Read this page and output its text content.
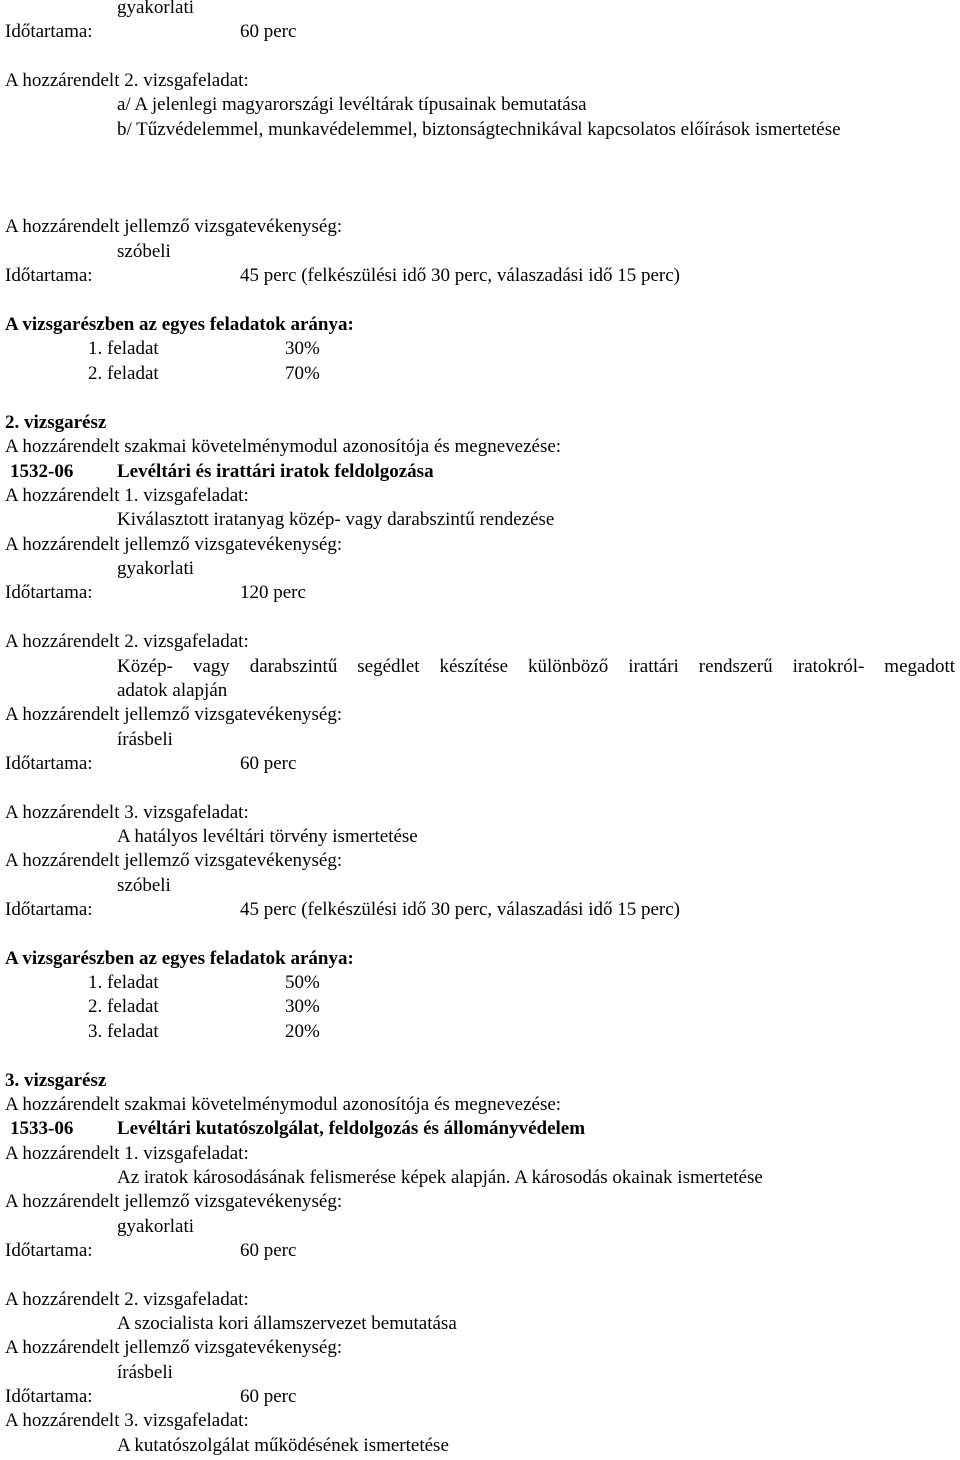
gyakorlati
Időtartama:	60 perc
A hozzárendelt 2. vizsgafeladat:
a/ A jelenlegi magyarországi levéltárak típusainak bemutatása
b/ Tűzvédelemmel, munkavédelemmel, biztonságtechnikával kapcsolatos előírások ismertetése
A hozzárendelt jellemző vizsgatevékenység:
szóbeli
Időtartama:	45 perc (felkészülési idő 30 perc, válaszadási idő 15 perc)
A vizsgarészben az egyes feladatok aránya:
1. feladat	30%
2. feladat	70%
2. vizsgarész
A hozzárendelt szakmai követelménymodul azonosítója és megnevezése:
1532-06 Levéltári és irattári iratok feldolgozása
A hozzárendelt 1. vizsgafeladat:
Kiválasztott iratanyag közép- vagy darabszintű rendezése
A hozzárendelt jellemző vizsgatevékenység:
gyakorlati
Időtartama:	120 perc
A hozzárendelt 2. vizsgafeladat:
Közép- vagy darabszintű segédlet készítése különböző irattári rendszerű iratokról- megadott
adatok alapján
A hozzárendelt jellemző vizsgatevékenység:
írásbeli
Időtartama:	60 perc
A hozzárendelt 3. vizsgafeladat:
A hatályos levéltári törvény ismertetése
A hozzárendelt jellemző vizsgatevékenység:
szóbeli
Időtartama:	45 perc (felkészülési idő 30 perc, válaszadási idő 15 perc)
A vizsgarészben az egyes feladatok aránya:
1. feladat	50%
2. feladat	30%
3. feladat	20%
3. vizsgarész
A hozzárendelt szakmai követelménymodul azonosítója és megnevezése:
1533-06 Levéltári kutatószolgálat, feldolgozás és állományvédelem
A hozzárendelt 1. vizsgafeladat:
Az iratok károsodásának felismerése képek alapján. A károsodás okainak ismertetése
A hozzárendelt jellemző vizsgatevékenység:
gyakorlati
Időtartama:	60 perc
A hozzárendelt 2. vizsgafeladat:
A szocialista kori államszervezet bemutatása
A hozzárendelt jellemző vizsgatevékenység:
írásbeli
Időtartama:	60 perc
A hozzárendelt 3. vizsgafeladat:
A kutatószolgálat működésének ismertetése
